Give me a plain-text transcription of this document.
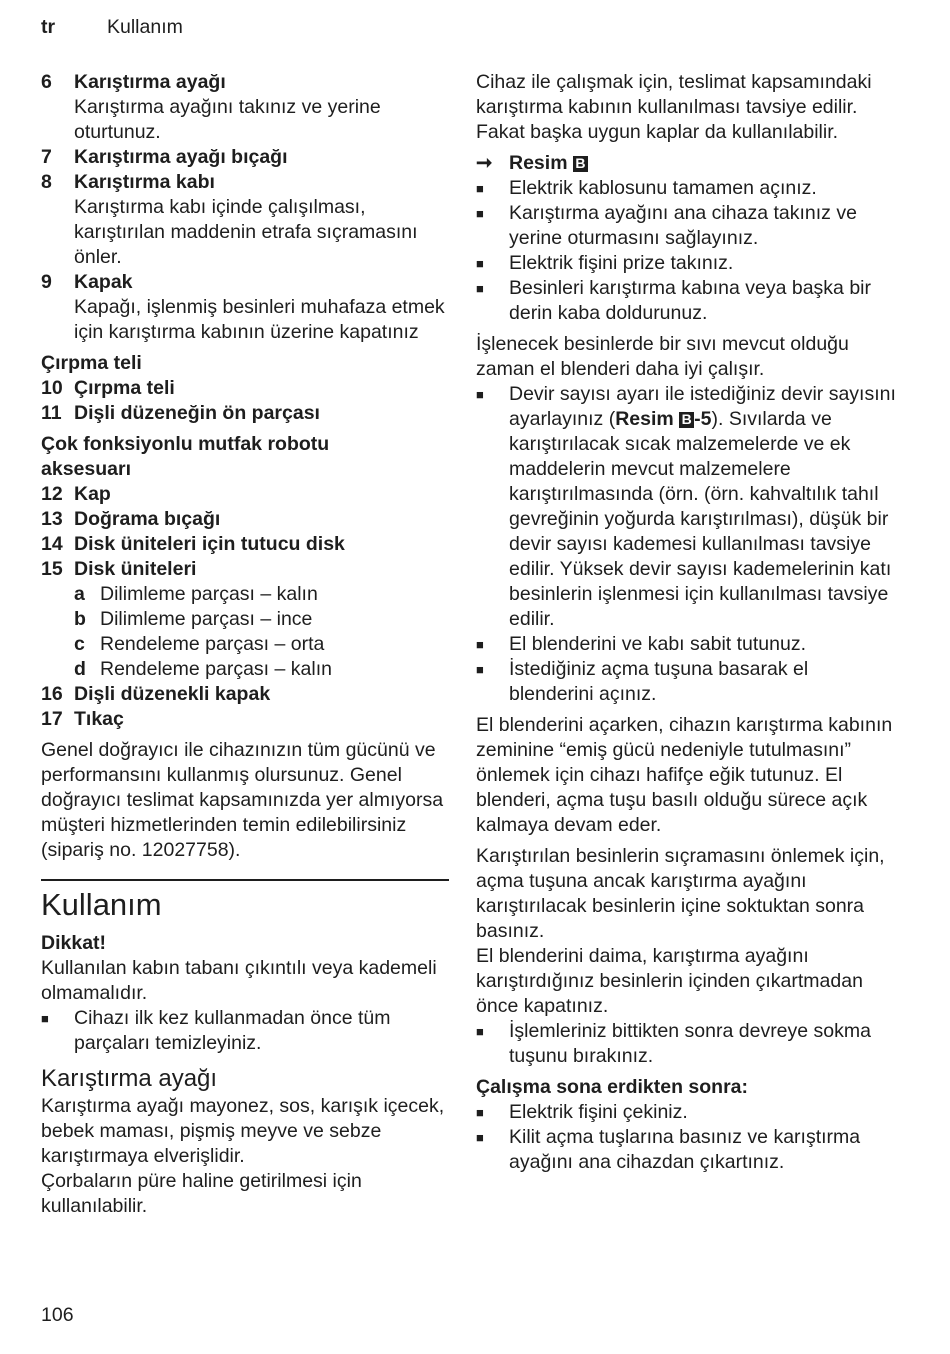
tr	Kullanım
6	Karıştırma ayağı
Karıştırma ayağını takınız ve yerine oturtunuz.
7	Karıştırma ayağı bıçağı
8	Karıştırma kabı
Karıştırma kabı içinde çalışılması, karıştırılan maddenin etrafa sıçramasını önler.
9	Kapak
Kapağı, işlenmiş besinleri muhafaza etmek için karıştırma kabının üzerine kapatınız
Çırpma teli
10 Çırpma teli
11 Dişli düzeneğin ön parçası
Çok fonksiyonlu mutfak robotu aksesuarı
12 Kap
13 Doğrama bıçağı
14 Disk üniteleri için tutucu disk
15 Disk üniteleri
a Dilimleme parçası – kalın
b Dilimleme parçası – ince
c Rendeleme parçası – orta
d Rendeleme parçası – kalın
16 Dişli düzenekli kapak
17 Tıkaç
Genel doğrayıcı ile cihazınızın tüm gücünü ve performansını kullanmış olursunuz. Genel doğrayıcı teslimat kapsamınızda yer almıyorsa müşteri hizmetlerinden temin edilebilirsiniz (sipariş no. 12027758).
Kullanım
Dikkat!
Kullanılan kabın tabanı çıkıntılı veya kademeli olmamalıdır.
■	Cihazı ilk kez kullanmadan önce tüm parçaları temizleyiniz.
Karıştırma ayağı
Karıştırma ayağı mayonez, sos, karışık içecek, bebek maması, pişmiş meyve ve sebze karıştırmaya elverişlidir.
Çorbaların püre haline getirilmesi için kullanılabilir.
Cihaz ile çalışmak için, teslimat kapsamındaki karıştırma kabının kullanılması tavsiye edilir. Fakat başka uygun kaplar da kullanılabilir.
➞ Resim B
■	Elektrik kablosunu tamamen açınız.
■	Karıştırma ayağını ana cihaza takınız ve yerine oturmasını sağlayınız.
■	Elektrik fişini prize takınız.
■	Besinleri karıştırma kabına veya başka bir derin kaba doldurunuz.
İşlenecek besinlerde bir sıvı mevcut olduğu zaman el blenderi daha iyi çalışır.
■	Devir sayısı ayarı ile istediğiniz devir sayısını ayarlayınız (Resim B -5). Sıvılarda ve karıştırılacak sıcak malzemelerde ve ek maddelerin mevcut malzemelere karıştırılmasında (örn. (örn. kahvaltılık tahıl gevreğinin yoğurda karıştırılması), düşük bir devir sayısı kademesi kullanılması tavsiye edilir. Yüksek devir sayısı kademelerinin katı besinlerin işlenmesi için kullanılması tavsiye edilir.
■	El blenderini ve kabı sabit tutunuz.
■	İstediğiniz açma tuşuna basarak el blenderini açınız.
El blenderini açarken, cihazın karıştırma kabının zeminine “emiş gücü nedeniyle tutulmasını” önlemek için cihazı hafifçe eğik tutunuz. El blenderi, açma tuşu basılı olduğu sürece açık kalmaya devam eder.
Karıştırılan besinlerin sıçramasını önlemek için, açma tuşuna ancak karıştırma ayağını karıştırılacak besinlerin içine soktuktan sonra basınız.
El blenderini daima, karıştırma ayağını karıştırdığınız besinlerin içinden çıkartmadan önce kapatınız.
■	İşlemleriniz bittikten sonra devreye sokma tuşunu bırakınız.
Çalışma sona erdikten sonra:
■	Elektrik fişini çekiniz.
■	Kilit açma tuşlarına basınız ve karıştırma ayağını ana cihazdan çıkartınız.
106
